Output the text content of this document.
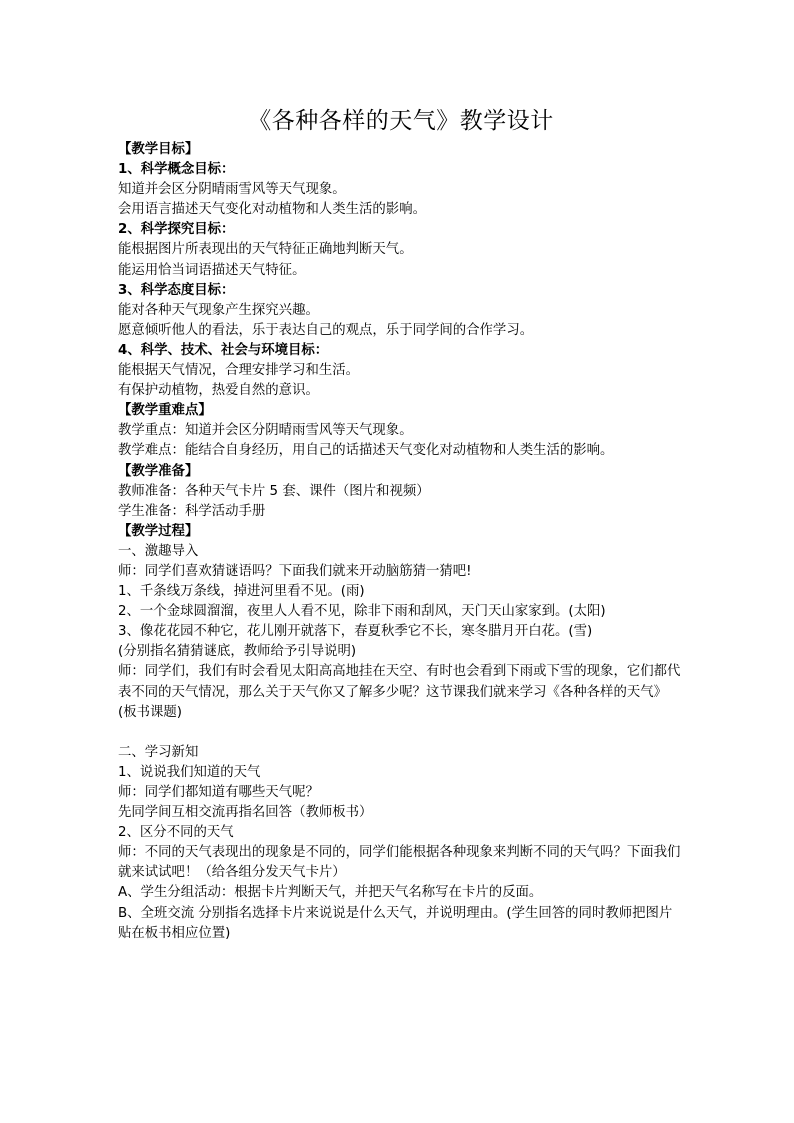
《各种各样的天气》教学设计
【教学目标】
1、科学概念目标：
知道并会区分阴晴雨雪风等天气现象。
会用语言描述天气变化对动植物和人类生活的影响。
2、科学探究目标：
能根据图片所表现出的天气特征正确地判断天气。
能运用恰当词语描述天气特征。
3、科学态度目标：
能对各种天气现象产生探究兴趣。
愿意倾听他人的看法，乐于表达自己的观点，乐于同学间的合作学习。
4、科学、技术、社会与环境目标：
能根据天气情况，合理安排学习和生活。
有保护动植物，热爱自然的意识。
【教学重难点】
教学重点：知道并会区分阴晴雨雪风等天气现象。
教学难点：能结合自身经历，用自己的话描述天气变化对动植物和人类生活的影响。
【教学准备】
教师准备：各种天气卡片 5 套、课件（图片和视频）
学生准备：科学活动手册
【教学过程】
一、激趣导入
师：同学们喜欢猜谜语吗？下面我们就来开动脑筋猜一猜吧!
1、千条线万条线，掉进河里看不见。(雨)
2、一个金球圆溜溜，夜里人人看不见，除非下雨和刮风，天门天山家家到。(太阳)
3、像花花园不种它，花儿刚开就落下，春夏秋季它不长，寒冬腊月开白花。(雪)
(分别指名猜猜谜底，教师给予引导说明)
师：同学们，我们有时会看见太阳高高地挂在天空、有时也会看到下雨或下雪的现象，它们都代表不同的天气情况，那么关于天气你又了解多少呢？这节课我们就来学习《各种各样的天气》(板书课题)
二、学习新知
1、说说我们知道的天气
师：同学们都知道有哪些天气呢？
先同学间互相交流再指名回答（教师板书）
2、区分不同的天气
师：不同的天气表现出的现象是不同的，同学们能根据各种现象来判断不同的天气吗？下面我们就来试试吧！（给各组分发天气卡片）
A、学生分组活动：根据卡片判断天气，并把天气名称写在卡片的反面。
B、全班交流 分别指名选择卡片来说说是什么天气，并说明理由。(学生回答的同时教师把图片贴在板书相应位置)
